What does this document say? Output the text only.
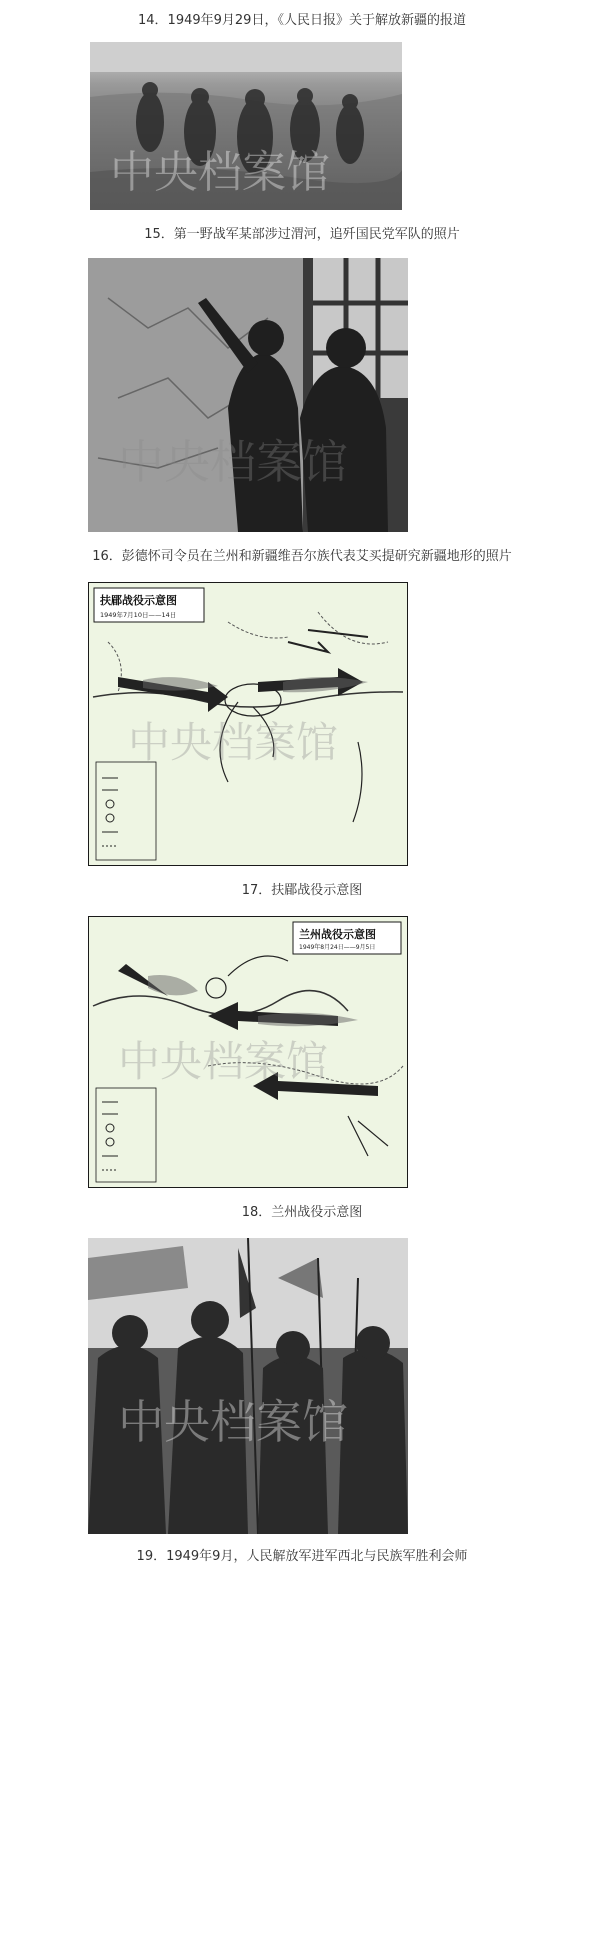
14．1949年9月29日，《人民日报》关于解放新疆的报道
中央档案馆
15．第一野战军某部涉过渭河，追歼国民党军队的照片
中央档案馆
16．彭德怀司令员在兰州和新疆维吾尔族代表艾买提研究新疆地形的照片
扶郿战役示意图
1949年7月10日——14日
中央档案馆
17．扶郿战役示意图
兰州战役示意图
1949年8月24日——9月5日
中央档案馆
18．兰州战役示意图
中央档案馆
19．1949年9月，人民解放军进军西北与民族军胜利会师
